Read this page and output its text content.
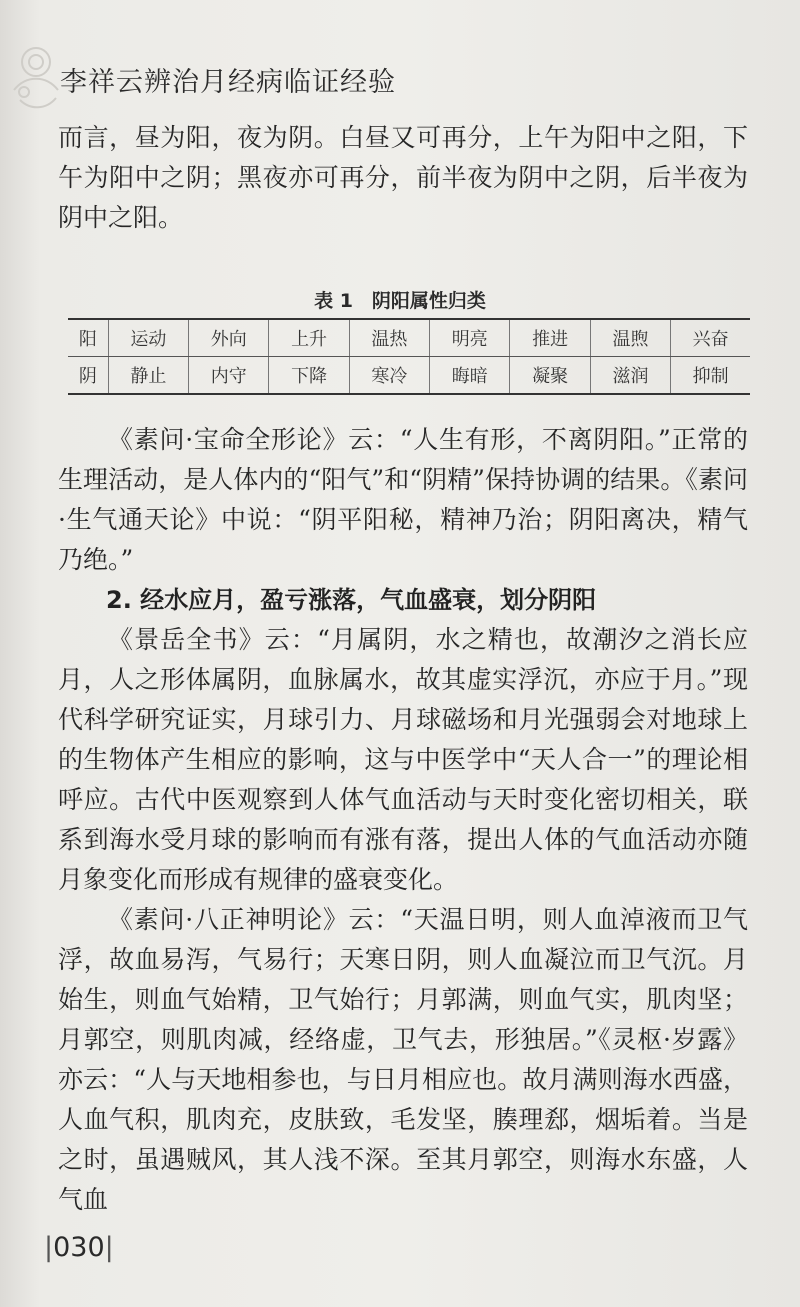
李祥云辨治月经病临证经验

而言，昼为阳，夜为阴。白昼又可再分，上午为阳中之阳，下午为阳中之阴；黑夜亦可再分，前半夜为阴中之阴，后半夜为阴中之阳。

表 1　阴阳属性归类
阳	运动	外向	上升	温热	明亮	推进	温煦	兴奋
阴	静止	内守	下降	寒冷	晦暗	凝聚	滋润	抑制

《素问·宝命全形论》云：“人生有形，不离阴阳。”正常的生理活动，是人体内的“阳气”和“阴精”保持协调的结果。《素问·生气通天论》中说：“阴平阳秘，精神乃治；阴阳离决，精气乃绝。”

2. 经水应月，盈亏涨落，气血盛衰，划分阴阳

《景岳全书》云：“月属阴，水之精也，故潮汐之消长应月，人之形体属阴，血脉属水，故其虚实浮沉，亦应于月。”现代科学研究证实，月球引力、月球磁场和月光强弱会对地球上的生物体产生相应的影响，这与中医学中“天人合一”的理论相呼应。古代中医观察到人体气血活动与天时变化密切相关，联系到海水受月球的影响而有涨有落，提出人体的气血活动亦随月象变化而形成有规律的盛衰变化。

《素问·八正神明论》云：“天温日明，则人血淖液而卫气浮，故血易泻，气易行；天寒日阴，则人血凝泣而卫气沉。月始生，则血气始精，卫气始行；月郭满，则血气实，肌肉坚；月郭空，则肌肉减，经络虚，卫气去，形独居。”《灵枢·岁露》亦云：“人与天地相参也，与日月相应也。故月满则海水西盛，人血气积，肌肉充，皮肤致，毛发坚，腠理郄，烟垢着。当是之时，虽遇贼风，其人浅不深。至其月郭空，则海水东盛，人气血

|030|
